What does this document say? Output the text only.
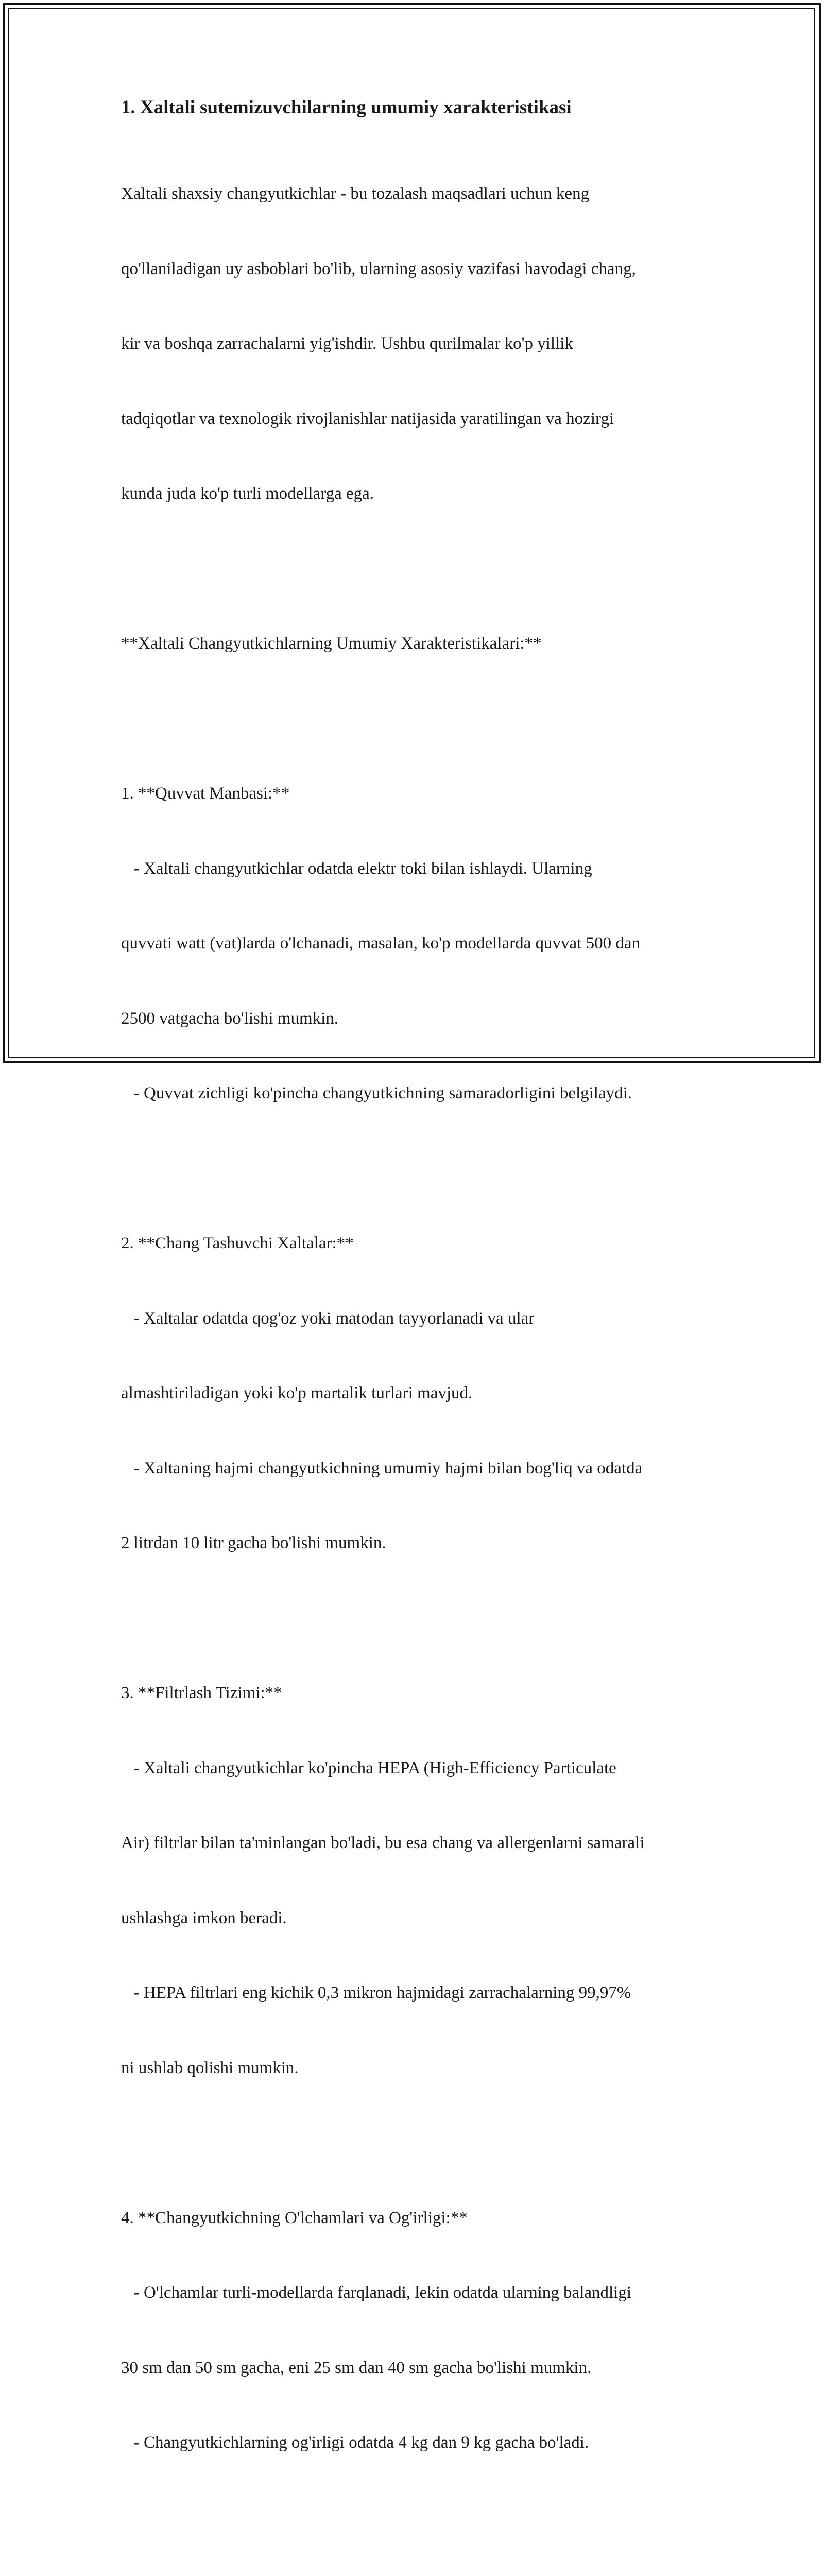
1. Xaltali sutemizuvchilarning umumiy xarakteristikasi

Xaltali shaxsiy changyutkichlar - bu tozalash maqsadlari uchun keng

qo'llaniladigan uy asboblari bo'lib, ularning asosiy vazifasi havodagi chang,

kir va boshqa zarrachalarni yig'ishdir. Ushbu qurilmalar ko'p yillik

tadqiqotlar va texnologik rivojlanishlar natijasida yaratilingan va hozirgi

kunda juda ko'p turli modellarga ega.

**Xaltali Changyutkichlarning Umumiy Xarakteristikalari:**

1. **Quvvat Manbasi:**

- Xaltali changyutkichlar odatda elektr toki bilan ishlaydi. Ularning

quvvati watt (vat)larda o'lchanadi, masalan, ko'p modellarda quvvat 500 dan

2500 vatgacha bo'lishi mumkin.

- Quvvat zichligi ko'pincha changyutkichning samaradorligini belgilaydi.

2. **Chang Tashuvchi Xaltalar:**

- Xaltalar odatda qog'oz yoki matodan tayyorlanadi va ular

almashtiriladigan yoki ko'p martalik turlari mavjud.

- Xaltaning hajmi changyutkichning umumiy hajmi bilan bog'liq va odatda

2 litrdan 10 litr gacha bo'lishi mumkin.

3. **Filtrlash Tizimi:**

- Xaltali changyutkichlar ko'pincha HEPA (High-Efficiency Particulate

Air) filtrlar bilan ta'minlangan bo'ladi, bu esa chang va allergenlarni samarali

ushlashga imkon beradi.

- HEPA filtrlari eng kichik 0,3 mikron hajmidagi zarrachalarning 99,97%

ni ushlab qolishi mumkin.

4. **Changyutkichning O'lchamlari va Og'irligi:**

- O'lchamlar turli-modellarda farqlanadi, lekin odatda ularning balandligi

30 sm dan 50 sm gacha, eni 25 sm dan 40 sm gacha bo'lishi mumkin.

- Changyutkichlarning og'irligi odatda 4 kg dan 9 kg gacha bo'ladi.
